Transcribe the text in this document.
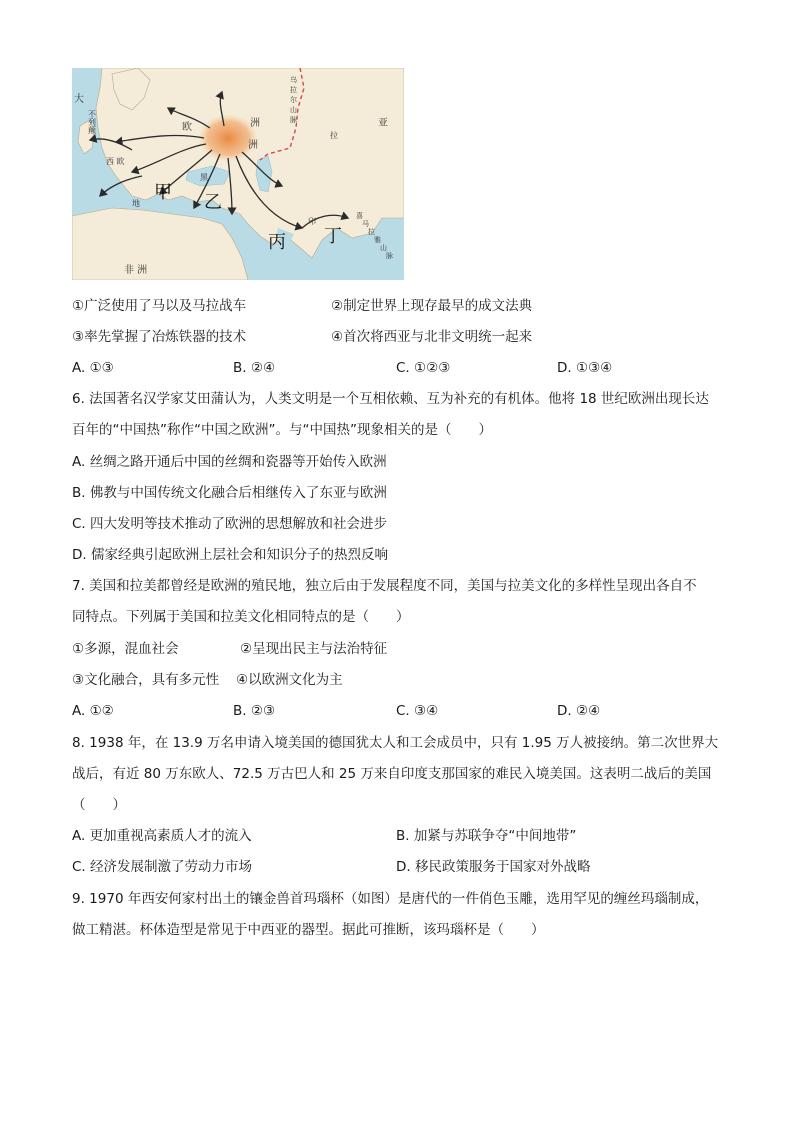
大
欧	洲
洲
非 洲
不列颠
西 欧
亚
黑
地
拉
印
乌
拉
尔
山
脉
喜
马
拉
雅
山
脉
甲 乙
丙 丁
①广泛使用了马以及马拉战车	②制定世界上现存最早的成文法典
③率先掌握了冶炼铁器的技术	④首次将西亚与北非文明统一起来
A. ①③	B. ②④	C. ①②③	D. ①③④
6. 法国著名汉学家艾田蒲认为，人类文明是一个互相依赖、互为补充的有机体。他将 18 世纪欧洲出现长达
百年的“中国热”称作“中国之欧洲”。与“中国热”现象相关的是（　　）
A. 丝绸之路开通后中国的丝绸和瓷器等开始传入欧洲
B. 佛教与中国传统文化融合后相继传入了东亚与欧洲
C. 四大发明等技术推动了欧洲的思想解放和社会进步
D. 儒家经典引起欧洲上层社会和知识分子的热烈反响
7. 美国和拉美都曾经是欧洲的殖民地，独立后由于发展程度不同，美国与拉美文化的多样性呈现出各自不
同特点。下列属于美国和拉美文化相同特点的是（　　）
①多源，混血社会	②呈现出民主与法治特征
③文化融合，具有多元性 ④以欧洲文化为主
A. ①②	B. ②③	C. ③④	D. ②④
8. 1938 年，在 13.9 万名申请入境美国的德国犹太人和工会成员中，只有 1.95 万人被接纳。第二次世界大
战后，有近 80 万东欧人、72.5 万古巴人和 25 万来自印度支那国家的难民入境美国。这表明二战后的美国
（　　）
A. 更加重视高素质人才的流入	B. 加紧与苏联争夺“中间地带”
C. 经济发展制激了劳动力市场	D. 移民政策服务于国家对外战略
9. 1970 年西安何家村出土的镶金兽首玛瑙杯（如图）是唐代的一件俏色玉雕，选用罕见的缠丝玛瑙制成，
做工精湛。杯体造型是常见于中西亚的器型。据此可推断，该玛瑙杯是（　　）
